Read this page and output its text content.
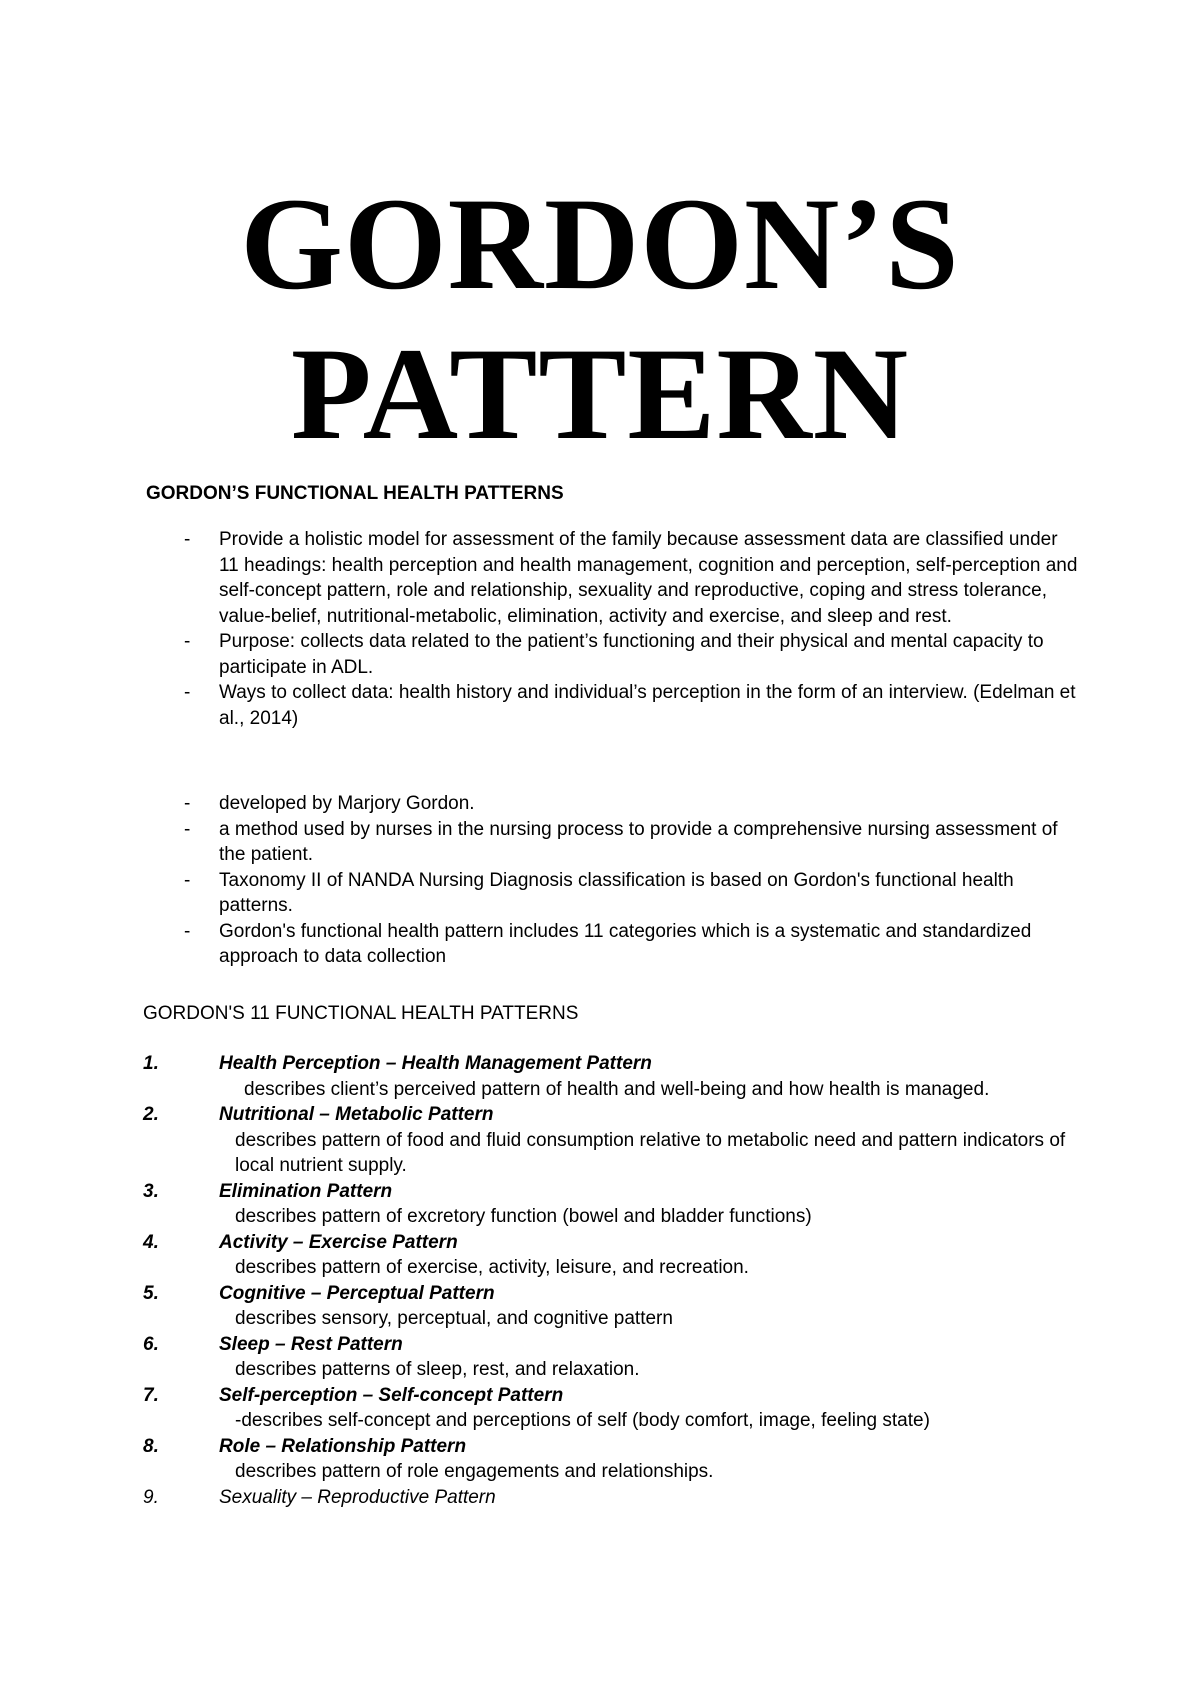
GORDON’S
PATTERN
GORDON’S FUNCTIONAL HEALTH PATTERNS
- Provide a holistic model for assessment of the family because assessment data are classified under 11 headings: health perception and health management, cognition and perception, self-perception and self-concept pattern, role and relationship, sexuality and reproductive, coping and stress tolerance, value-belief, nutritional-metabolic, elimination, activity and exercise, and sleep and rest.
- Purpose: collects data related to the patient’s functioning and their physical and mental capacity to participate in ADL.
- Ways to collect data: health history and individual’s perception in the form of an interview. (Edelman et al., 2014)
- developed by Marjory Gordon.
- a method used by nurses in the nursing process to provide a comprehensive nursing assessment of the patient.
- Taxonomy II of NANDA Nursing Diagnosis classification is based on Gordon's functional health patterns.
- Gordon's functional health pattern includes 11 categories which is a systematic and standardized approach to data collection
GORDON'S 11 FUNCTIONAL HEALTH PATTERNS
1.	Health Perception – Health Management Pattern
describes client’s perceived pattern of health and well-being and how health is managed.
2.	Nutritional – Metabolic Pattern
describes pattern of food and fluid consumption relative to metabolic need and pattern indicators of local nutrient supply.
3.	Elimination Pattern
describes pattern of excretory function (bowel and bladder functions)
4.	Activity – Exercise Pattern
describes pattern of exercise, activity, leisure, and recreation.
5.	Cognitive – Perceptual Pattern
describes sensory, perceptual, and cognitive pattern
6.	Sleep – Rest Pattern
describes patterns of sleep, rest, and relaxation.
7.	Self-perception – Self-concept Pattern
-describes self-concept and perceptions of self (body comfort, image, feeling state)
8.	Role – Relationship Pattern
describes pattern of role engagements and relationships.
9.	Sexuality – Reproductive Pattern
